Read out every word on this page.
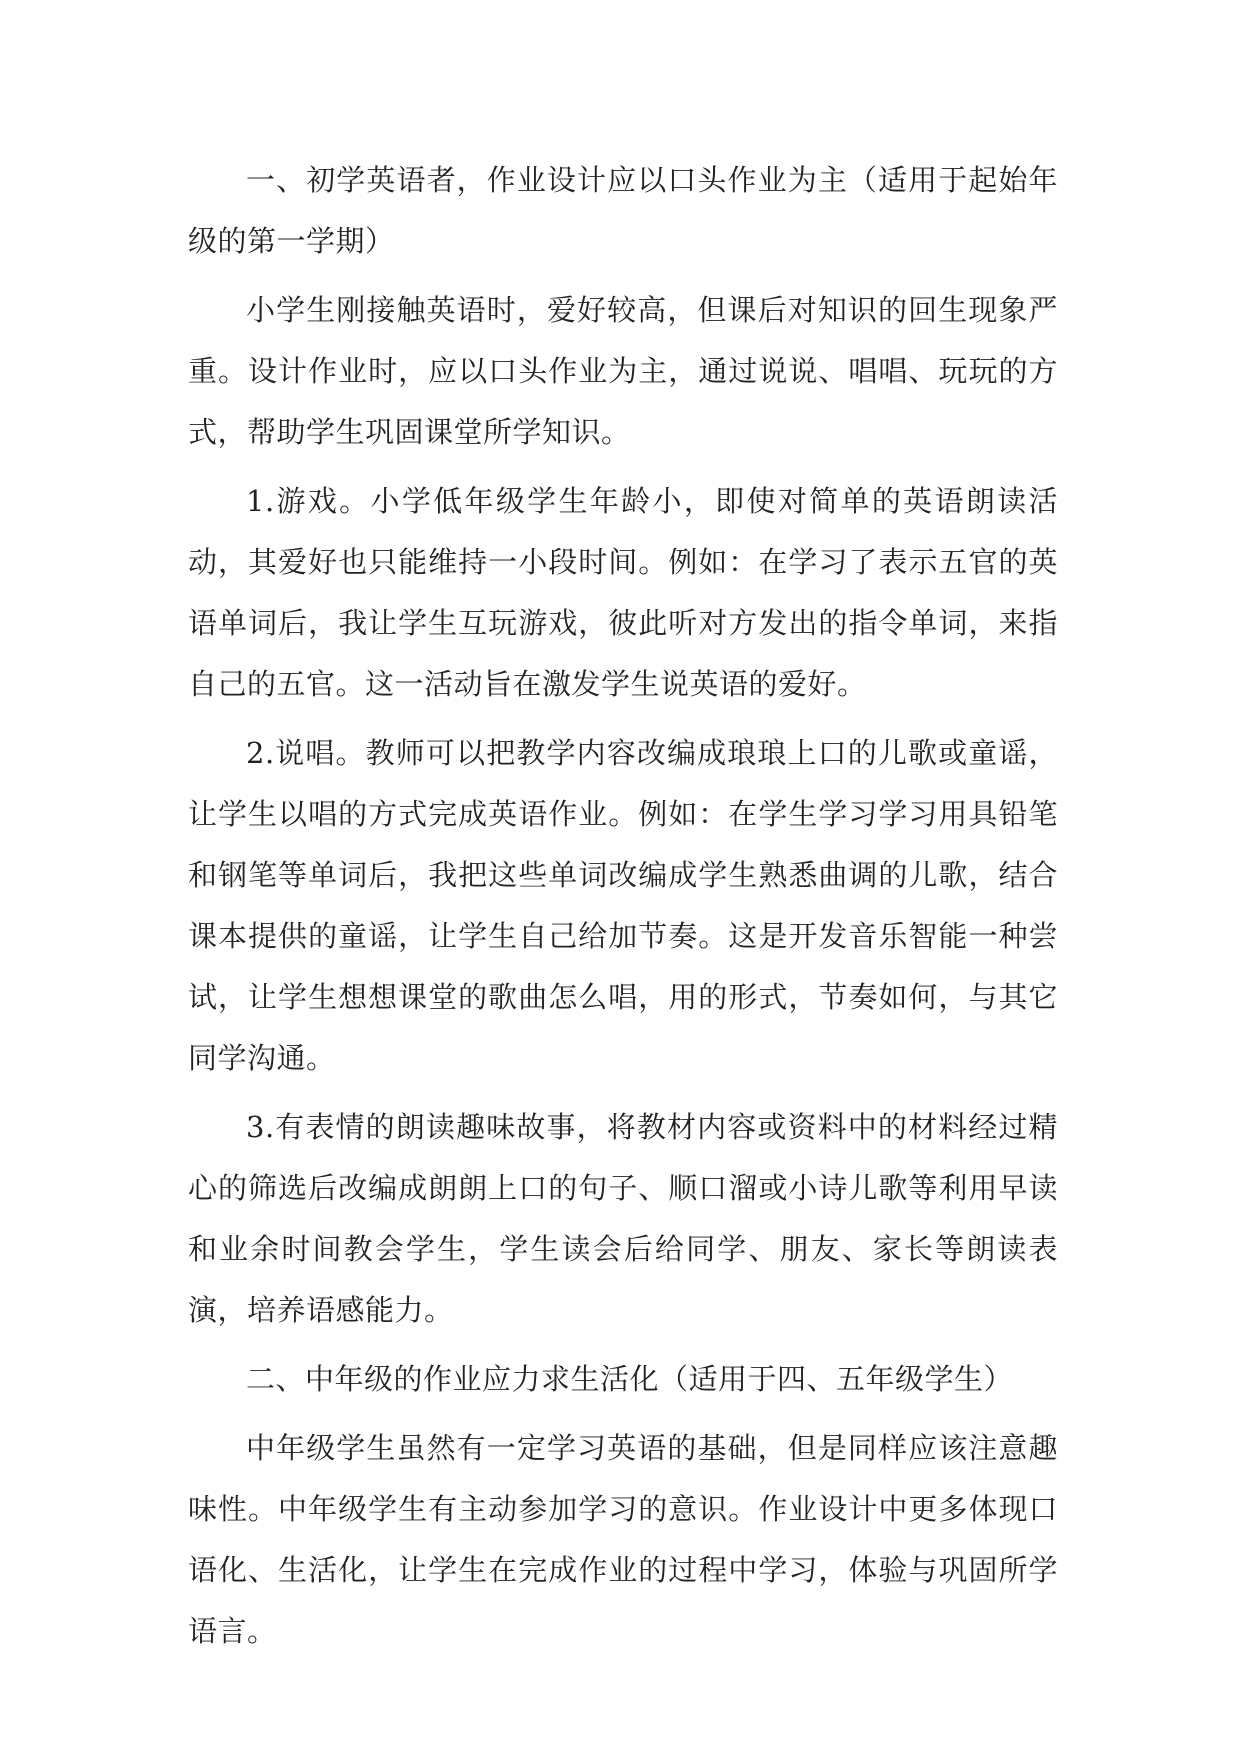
一、初学英语者，作业设计应以口头作业为主（适用于起始年级的第一学期）

小学生刚接触英语时，爱好较高，但课后对知识的回生现象严重。设计作业时，应以口头作业为主，通过说说、唱唱、玩玩的方式，帮助学生巩固课堂所学知识。

1.游戏。小学低年级学生年龄小，即使对简单的英语朗读活动，其爱好也只能维持一小段时间。例如：在学习了表示五官的英语单词后，我让学生互玩游戏，彼此听对方发出的指令单词，来指自己的五官。这一活动旨在激发学生说英语的爱好。

2.说唱。教师可以把教学内容改编成琅琅上口的儿歌或童谣，让学生以唱的方式完成英语作业。例如：在学生学习学习用具铅笔和钢笔等单词后，我把这些单词改编成学生熟悉曲调的儿歌，结合课本提供的童谣，让学生自己给加节奏。这是开发音乐智能一种尝试，让学生想想课堂的歌曲怎么唱，用的形式，节奏如何，与其它同学沟通。

3.有表情的朗读趣味故事，将教材内容或资料中的材料经过精心的筛选后改编成朗朗上口的句子、顺口溜或小诗儿歌等利用早读和业余时间教会学生，学生读会后给同学、朋友、家长等朗读表演，培养语感能力。

二、中年级的作业应力求生活化（适用于四、五年级学生）

中年级学生虽然有一定学习英语的基础，但是同样应该注意趣味性。中年级学生有主动参加学习的意识。作业设计中更多体现口语化、生活化，让学生在完成作业的过程中学习，体验与巩固所学语言。
